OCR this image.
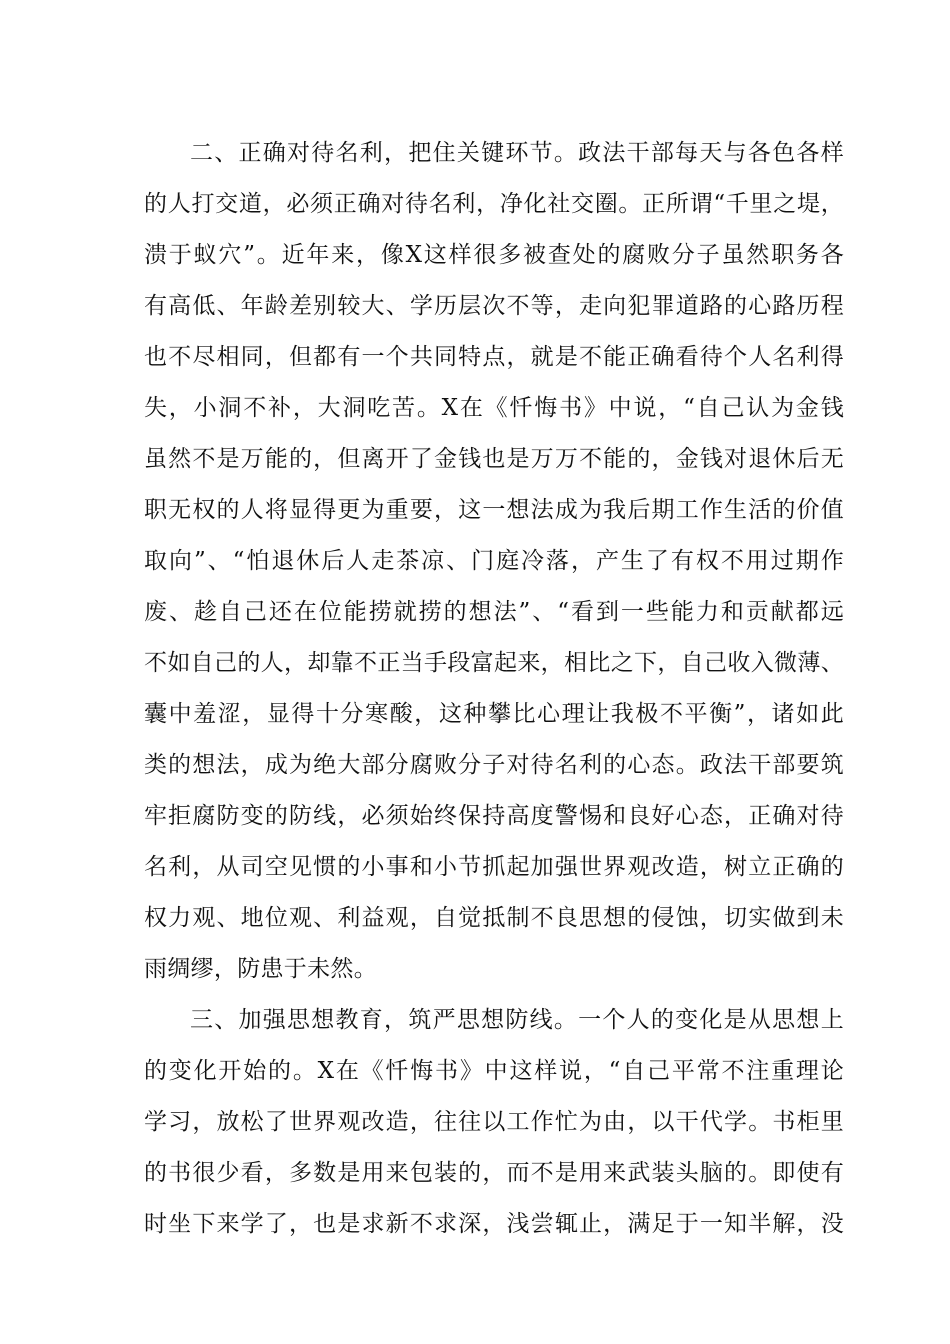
二、正确对待名利，把住关键环节。政法干部每天与各色各样
的人打交道，必须正确对待名利，净化社交圈。正所谓“千里之堤，
溃于蚁穴”。近年来，像X这样很多被查处的腐败分子虽然职务各
有高低、年龄差别较大、学历层次不等，走向犯罪道路的心路历程
也不尽相同，但都有一个共同特点，就是不能正确看待个人名利得
失，小洞不补，大洞吃苦。X在《忏悔书》中说，“自己认为金钱
虽然不是万能的，但离开了金钱也是万万不能的，金钱对退休后无
职无权的人将显得更为重要，这一想法成为我后期工作生活的价值
取向”、“怕退休后人走茶凉、门庭冷落，产生了有权不用过期作
废、趁自己还在位能捞就捞的想法”、“看到一些能力和贡献都远
不如自己的人，却靠不正当手段富起来，相比之下，自己收入微薄、
囊中羞涩，显得十分寒酸，这种攀比心理让我极不平衡”，诸如此
类的想法，成为绝大部分腐败分子对待名利的心态。政法干部要筑
牢拒腐防变的防线，必须始终保持高度警惕和良好心态，正确对待
名利，从司空见惯的小事和小节抓起加强世界观改造，树立正确的
权力观、地位观、利益观，自觉抵制不良思想的侵蚀，切实做到未
雨绸缪，防患于未然。
三、加强思想教育，筑严思想防线。一个人的变化是从思想上
的变化开始的。X在《忏悔书》中这样说，“自己平常不注重理论
学习，放松了世界观改造，往往以工作忙为由，以干代学。书柜里
的书很少看，多数是用来包装的，而不是用来武装头脑的。即使有
时坐下来学了，也是求新不求深，浅尝辄止，满足于一知半解，没
